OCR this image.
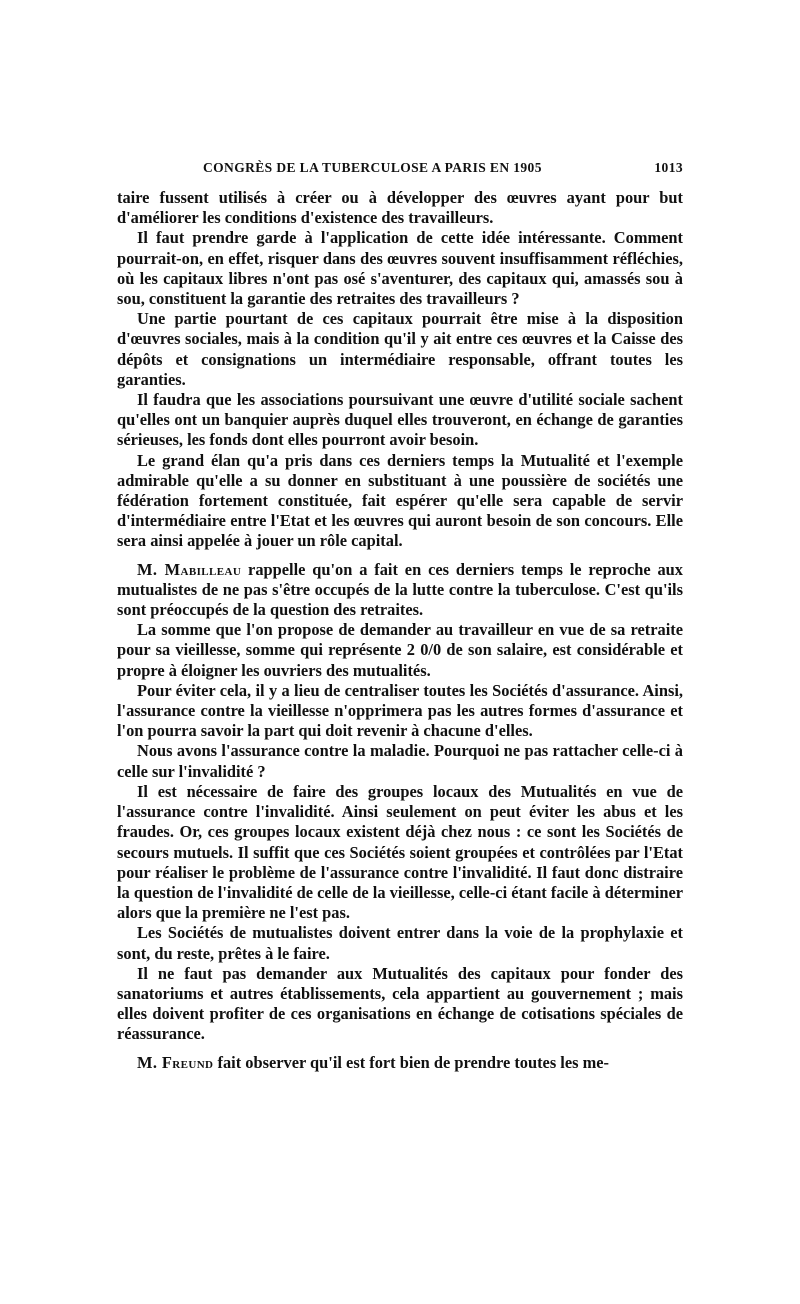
CONGRÈS DE LA TUBERCULOSE A PARIS EN 1905	1013

taire fussent utilisés à créer ou à développer des œuvres ayant pour but d'améliorer les conditions d'existence des travailleurs.

Il faut prendre garde à l'application de cette idée intéressante. Comment pourrait-on, en effet, risquer dans des œuvres souvent insuffisamment réfléchies, où les capitaux libres n'ont pas osé s'aventurer, des capitaux qui, amassés sou à sou, constituent la garantie des retraites des travailleurs ?

Une partie pourtant de ces capitaux pourrait être mise à la disposition d'œuvres sociales, mais à la condition qu'il y ait entre ces œuvres et la Caisse des dépôts et consignations un intermédiaire responsable, offrant toutes les garanties.

Il faudra que les associations poursuivant une œuvre d'utilité sociale sachent qu'elles ont un banquier auprès duquel elles trouveront, en échange de garanties sérieuses, les fonds dont elles pourront avoir besoin.

Le grand élan qu'a pris dans ces derniers temps la Mutualité et l'exemple admirable qu'elle a su donner en substituant à une poussière de sociétés une fédération fortement constituée, fait espérer qu'elle sera capable de servir d'intermédiaire entre l'Etat et les œuvres qui auront besoin de son concours. Elle sera ainsi appelée à jouer un rôle capital.

M. Mabilleau rappelle qu'on a fait en ces derniers temps le reproche aux mutualistes de ne pas s'être occupés de la lutte contre la tuberculose. C'est qu'ils sont préoccupés de la question des retraites.

La somme que l'on propose de demander au travailleur en vue de sa retraite pour sa vieillesse, somme qui représente 2 0/0 de son salaire, est considérable et propre à éloigner les ouvriers des mutualités.

Pour éviter cela, il y a lieu de centraliser toutes les Sociétés d'assurance. Ainsi, l'assurance contre la vieillesse n'opprimera pas les autres formes d'assurance et l'on pourra savoir la part qui doit revenir à chacune d'elles.

Nous avons l'assurance contre la maladie. Pourquoi ne pas rattacher celle-ci à celle sur l'invalidité ?

Il est nécessaire de faire des groupes locaux des Mutualités en vue de l'assurance contre l'invalidité. Ainsi seulement on peut éviter les abus et les fraudes. Or, ces groupes locaux existent déjà chez nous : ce sont les Sociétés de secours mutuels. Il suffit que ces Sociétés soient groupées et contrôlées par l'Etat pour réaliser le problème de l'assurance contre l'invalidité. Il faut donc distraire la question de l'invalidité de celle de la vieillesse, celle-ci étant facile à déterminer alors que la première ne l'est pas.

Les Sociétés de mutualistes doivent entrer dans la voie de la prophylaxie et sont, du reste, prêtes à le faire.

Il ne faut pas demander aux Mutualités des capitaux pour fonder des sanatoriums et autres établissements, cela appartient au gouvernement ; mais elles doivent profiter de ces organisations en échange de cotisations spéciales de réassurance.

M. Freund fait observer qu'il est fort bien de prendre toutes les me-
